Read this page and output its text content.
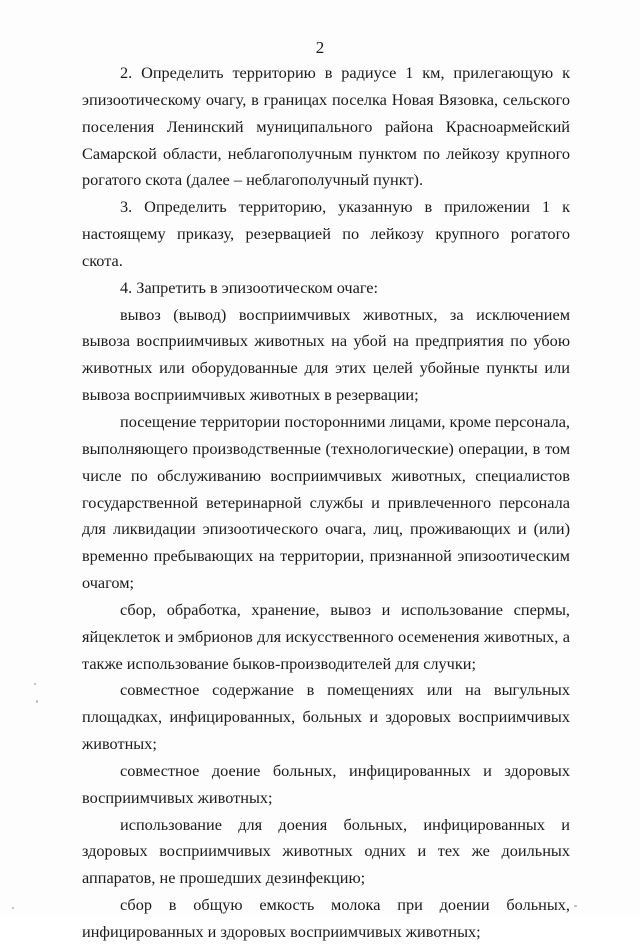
2

2. Определить территорию в радиусе 1 км, прилегающую к эпизоотическому очагу, в границах поселка Новая Вязовка, сельского поселения Ленинский муниципального района Красноармейский Самарской области, неблагополучным пунктом по лейкозу крупного рогатого скота (далее – неблагополучный пункт).

3. Определить территорию, указанную в приложении 1 к настоящему приказу, резервацией по лейкозу крупного рогатого скота.

4. Запретить в эпизоотическом очаге:

вывоз (вывод) восприимчивых животных, за исключением вывоза восприимчивых животных на убой на предприятия по убою животных или оборудованные для этих целей убойные пункты или вывоза восприимчивых животных в резервации;

посещение территории посторонними лицами, кроме персонала, выполняющего производственные (технологические) операции, в том числе по обслуживанию восприимчивых животных, специалистов государственной ветеринарной службы и привлеченного персонала для ликвидации эпизоотического очага, лиц, проживающих и (или) временно пребывающих на территории, признанной эпизоотическим очагом;

сбор, обработка, хранение, вывоз и использование спермы, яйцеклеток и эмбрионов для искусственного осеменения животных, а также использование быков-производителей для случки;

совместное содержание в помещениях или на выгульных площадках, инфицированных, больных и здоровых восприимчивых животных;

совместное доение больных, инфицированных и здоровых восприимчивых животных;

использование для доения больных, инфицированных и здоровых восприимчивых животных одних и тех же доильных аппаратов, не прошедших дезинфекцию;

сбор в общую емкость молока при доении больных, инфицированных и здоровых восприимчивых животных;
